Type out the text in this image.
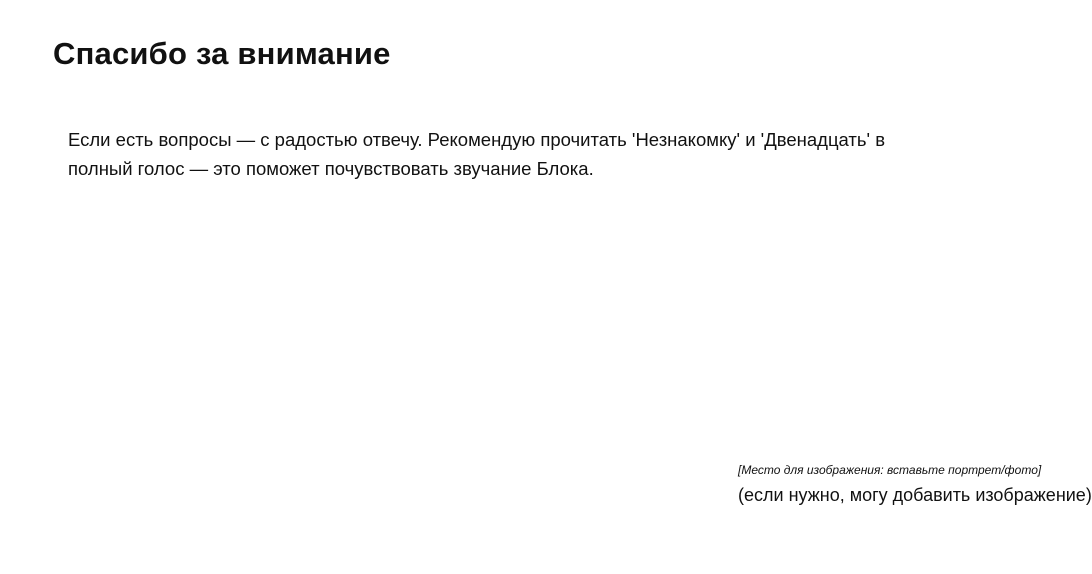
Спасибо за внимание

Если есть вопросы — с радостью отвечу. Рекомендую прочитать 'Незнакомку' и 'Двенадцать' в полный голос — это поможет почувствовать звучание Блока.

[Место для изображения: вставьте портрет/фото]
(если нужно, могу добавить изображение)
